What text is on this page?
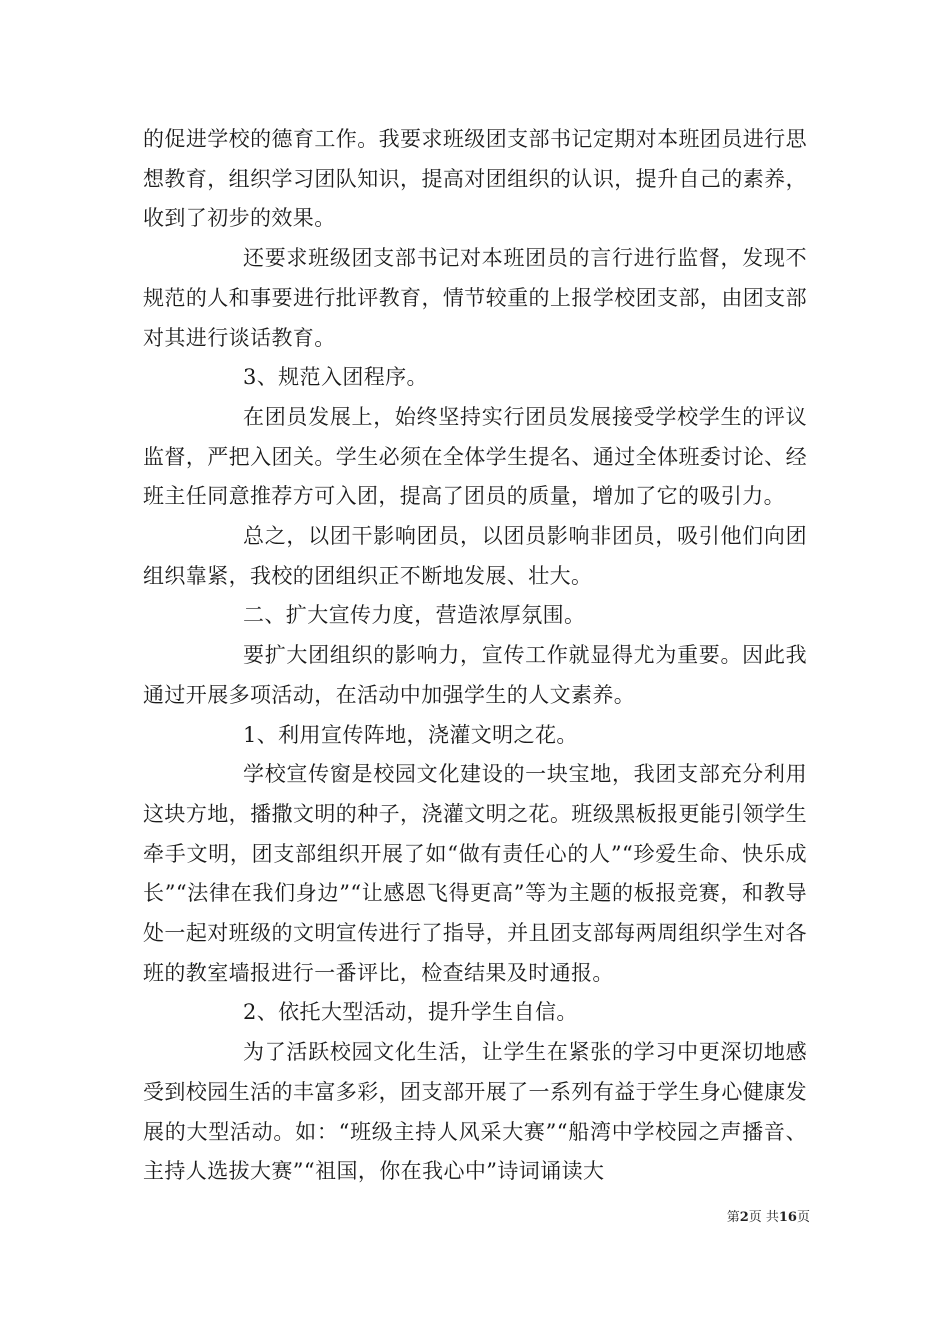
的促进学校的德育工作。我要求班级团支部书记定期对本班团员进行思想教育，组织学习团队知识，提高对团组织的认识，提升自己的素养，收到了初步的效果。

还要求班级团支部书记对本班团员的言行进行监督，发现不规范的人和事要进行批评教育，情节较重的上报学校团支部，由团支部对其进行谈话教育。

3、规范入团程序。

在团员发展上，始终坚持实行团员发展接受学校学生的评议监督，严把入团关。学生必须在全体学生提名、通过全体班委讨论、经班主任同意推荐方可入团，提高了团员的质量，增加了它的吸引力。

总之，以团干影响团员，以团员影响非团员，吸引他们向团组织靠紧，我校的团组织正不断地发展、壮大。

二、扩大宣传力度，营造浓厚氛围。

要扩大团组织的影响力，宣传工作就显得尤为重要。因此我通过开展多项活动，在活动中加强学生的人文素养。

1、利用宣传阵地，浇灌文明之花。

学校宣传窗是校园文化建设的一块宝地，我团支部充分利用这块方地，播撒文明的种子，浇灌文明之花。班级黑板报更能引领学生牵手文明，团支部组织开展了如“做有责任心的人”“珍爱生命、快乐成长”“法律在我们身边”“让感恩飞得更高”等为主题的板报竞赛，和教导处一起对班级的文明宣传进行了指导，并且团支部每两周组织学生对各班的教室墙报进行一番评比，检查结果及时通报。

2、依托大型活动，提升学生自信。

为了活跃校园文化生活，让学生在紧张的学习中更深切地感受到校园生活的丰富多彩，团支部开展了一系列有益于学生身心健康发展的大型活动。如：“班级主持人风采大赛”“船湾中学校园之声播音、主持人选拔大赛”“祖国，你在我心中”诗词诵读大

第2页 共16页
